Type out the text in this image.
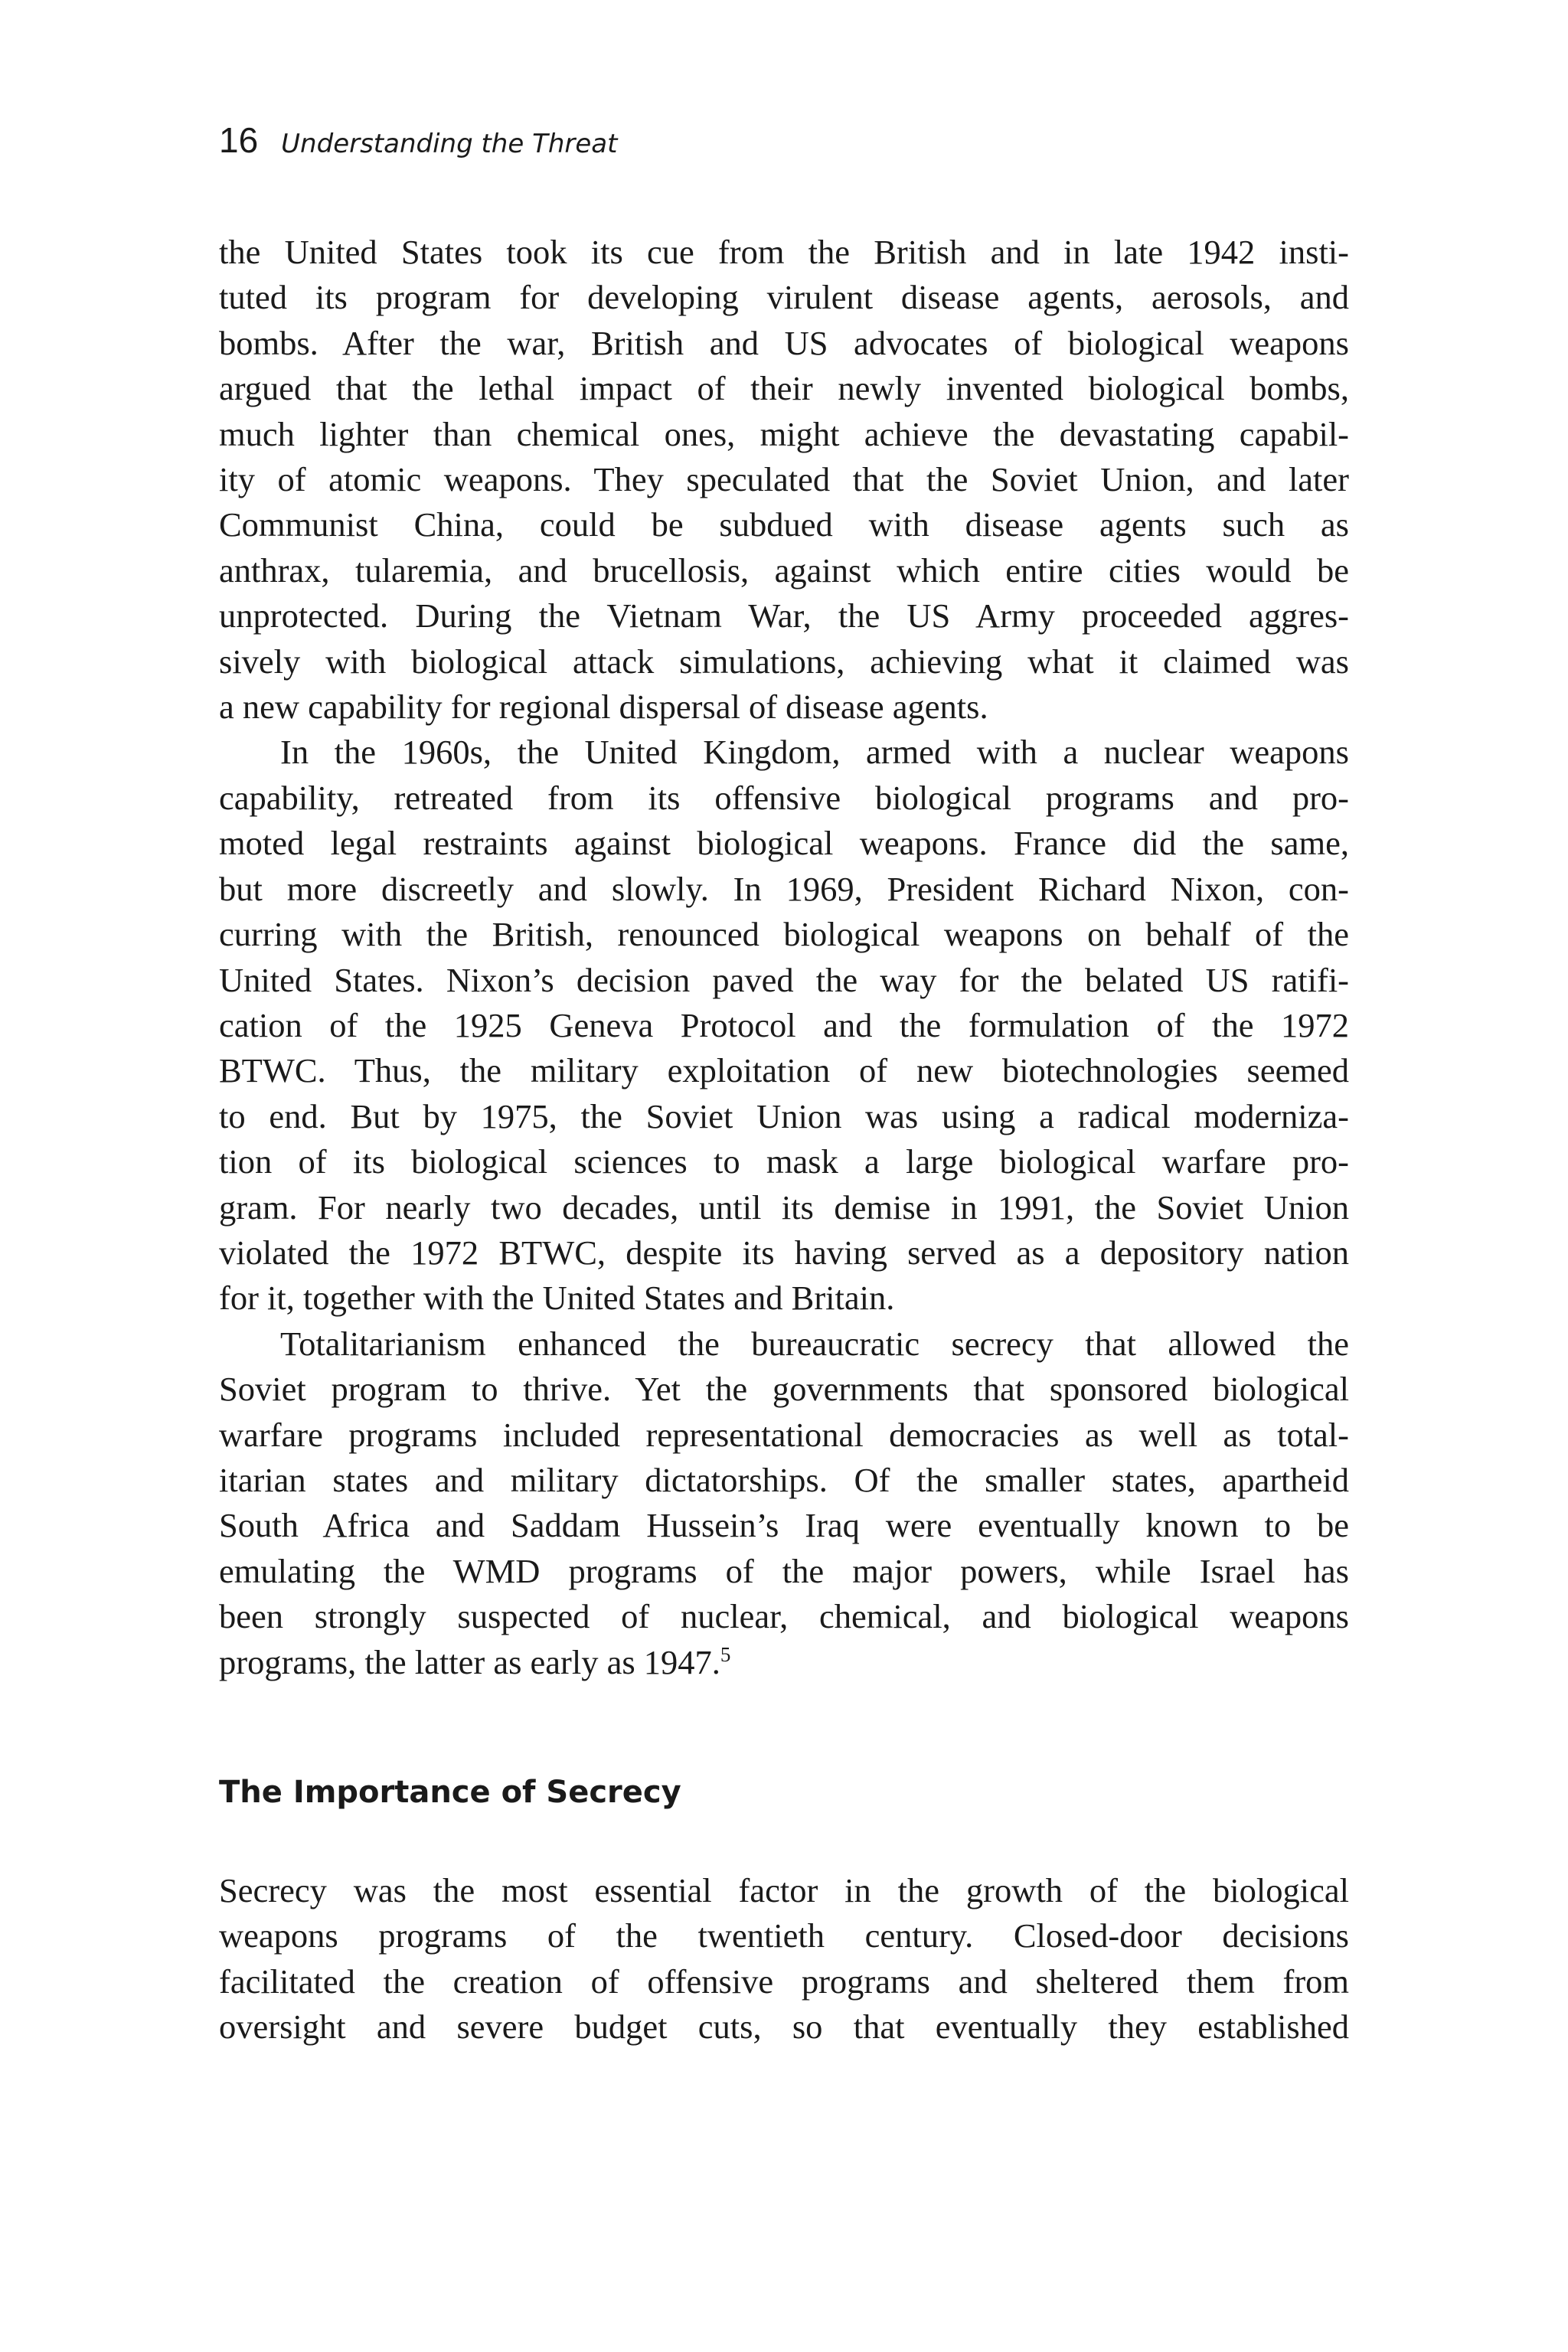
16 Understanding the Threat

the United States took its cue from the British and in late 1942 insti-
tuted its program for developing virulent disease agents, aerosols, and
bombs. After the war, British and US advocates of biological weapons
argued that the lethal impact of their newly invented biological bombs,
much lighter than chemical ones, might achieve the devastating capabil-
ity of atomic weapons. They speculated that the Soviet Union, and later
Communist China, could be subdued with disease agents such as
anthrax, tularemia, and brucellosis, against which entire cities would be
unprotected. During the Vietnam War, the US Army proceeded aggres-
sively with biological attack simulations, achieving what it claimed was
a new capability for regional dispersal of disease agents.

In the 1960s, the United Kingdom, armed with a nuclear weapons
capability, retreated from its offensive biological programs and pro-
moted legal restraints against biological weapons. France did the same,
but more discreetly and slowly. In 1969, President Richard Nixon, con-
curring with the British, renounced biological weapons on behalf of the
United States. Nixon’s decision paved the way for the belated US ratifi-
cation of the 1925 Geneva Protocol and the formulation of the 1972
BTWC. Thus, the military exploitation of new biotechnologies seemed
to end. But by 1975, the Soviet Union was using a radical moderniza-
tion of its biological sciences to mask a large biological warfare pro-
gram. For nearly two decades, until its demise in 1991, the Soviet Union
violated the 1972 BTWC, despite its having served as a depository nation
for it, together with the United States and Britain.

Totalitarianism enhanced the bureaucratic secrecy that allowed the
Soviet program to thrive. Yet the governments that sponsored biological
warfare programs included representational democracies as well as total-
itarian states and military dictatorships. Of the smaller states, apartheid
South Africa and Saddam Hussein’s Iraq were eventually known to be
emulating the WMD programs of the major powers, while Israel has
been strongly suspected of nuclear, chemical, and biological weapons
programs, the latter as early as 1947.$^5$

The Importance of Secrecy

Secrecy was the most essential factor in the growth of the biological
weapons programs of the twentieth century. Closed-door decisions
facilitated the creation of offensive programs and sheltered them from
oversight and severe budget cuts, so that eventually they established
